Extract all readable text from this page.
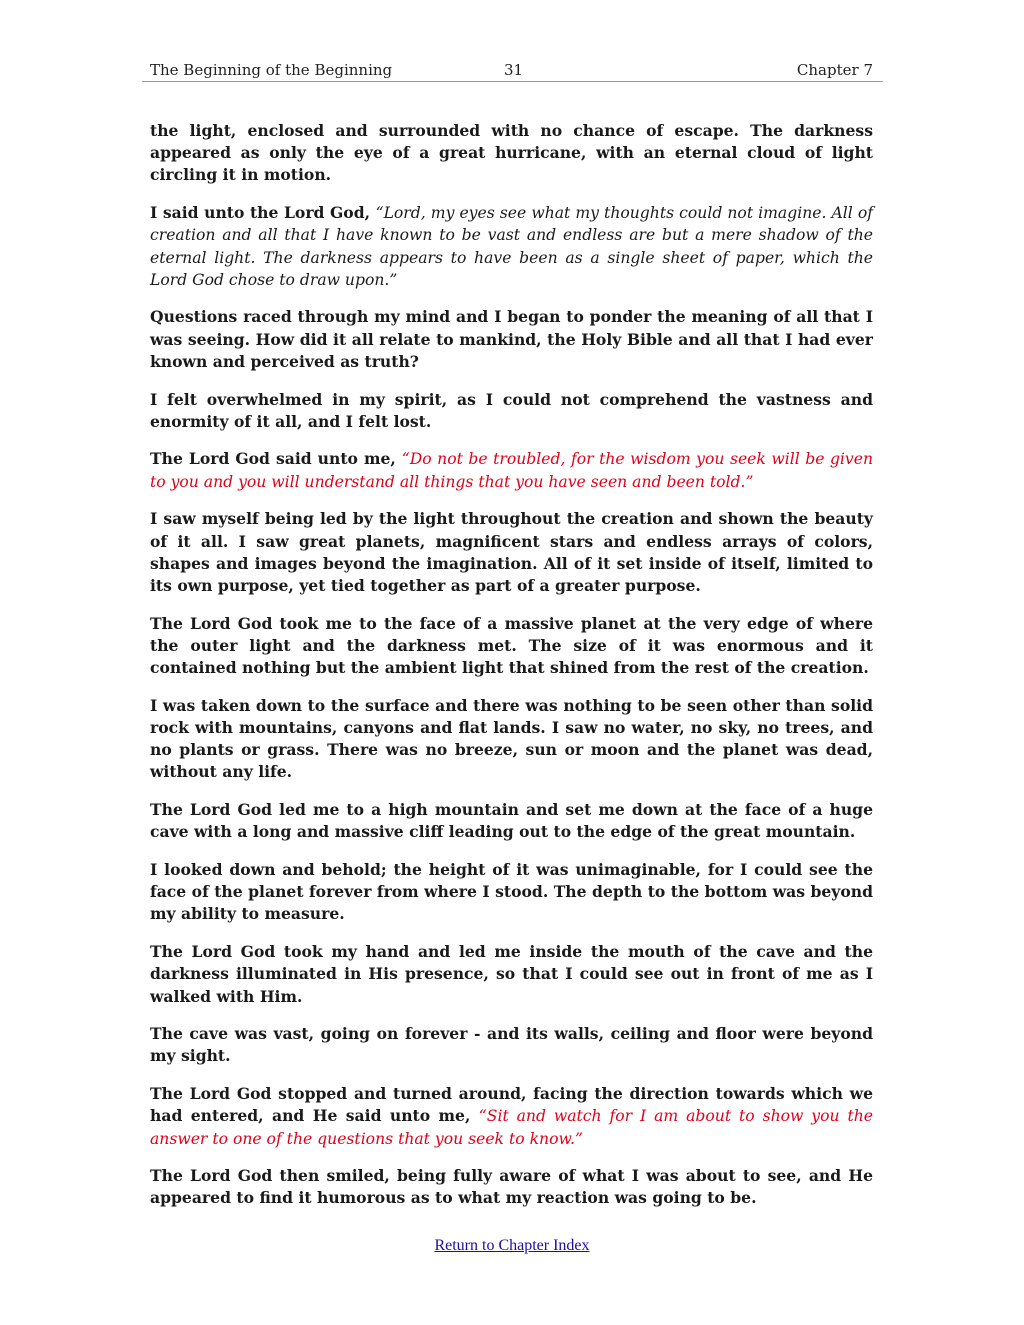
The Beginning of the Beginning	31	Chapter 7

the light, enclosed and surrounded with no chance of escape. The darkness appeared as only the eye of a great hurricane, with an eternal cloud of light circling it in motion.

I said unto the Lord God, “Lord, my eyes see what my thoughts could not imagine. All of creation and all that I have known to be vast and endless are but a mere shadow of the eternal light. The darkness appears to have been as a single sheet of paper, which the Lord God chose to draw upon.”

Questions raced through my mind and I began to ponder the meaning of all that I was seeing. How did it all relate to mankind, the Holy Bible and all that I had ever known and perceived as truth?

I felt overwhelmed in my spirit, as I could not comprehend the vastness and enormity of it all, and I felt lost.

The Lord God said unto me, “Do not be troubled, for the wisdom you seek will be given to you and you will understand all things that you have seen and been told.”

I saw myself being led by the light throughout the creation and shown the beauty of it all. I saw great planets, magnificent stars and endless arrays of colors, shapes and images beyond the imagination. All of it set inside of itself, limited to its own purpose, yet tied together as part of a greater purpose.

The Lord God took me to the face of a massive planet at the very edge of where the outer light and the darkness met. The size of it was enormous and it contained nothing but the ambient light that shined from the rest of the creation.

I was taken down to the surface and there was nothing to be seen other than solid rock with mountains, canyons and flat lands. I saw no water, no sky, no trees, and no plants or grass. There was no breeze, sun or moon and the planet was dead, without any life.

The Lord God led me to a high mountain and set me down at the face of a huge cave with a long and massive cliff leading out to the edge of the great mountain.

I looked down and behold; the height of it was unimaginable, for I could see the face of the planet forever from where I stood. The depth to the bottom was beyond my ability to measure.

The Lord God took my hand and led me inside the mouth of the cave and the darkness illuminated in His presence, so that I could see out in front of me as I walked with Him.

The cave was vast, going on forever - and its walls, ceiling and floor were beyond my sight.

The Lord God stopped and turned around, facing the direction towards which we had entered, and He said unto me, “Sit and watch for I am about to show you the answer to one of the questions that you seek to know.”

The Lord God then smiled, being fully aware of what I was about to see, and He appeared to find it humorous as to what my reaction was going to be.

Return to Chapter Index
